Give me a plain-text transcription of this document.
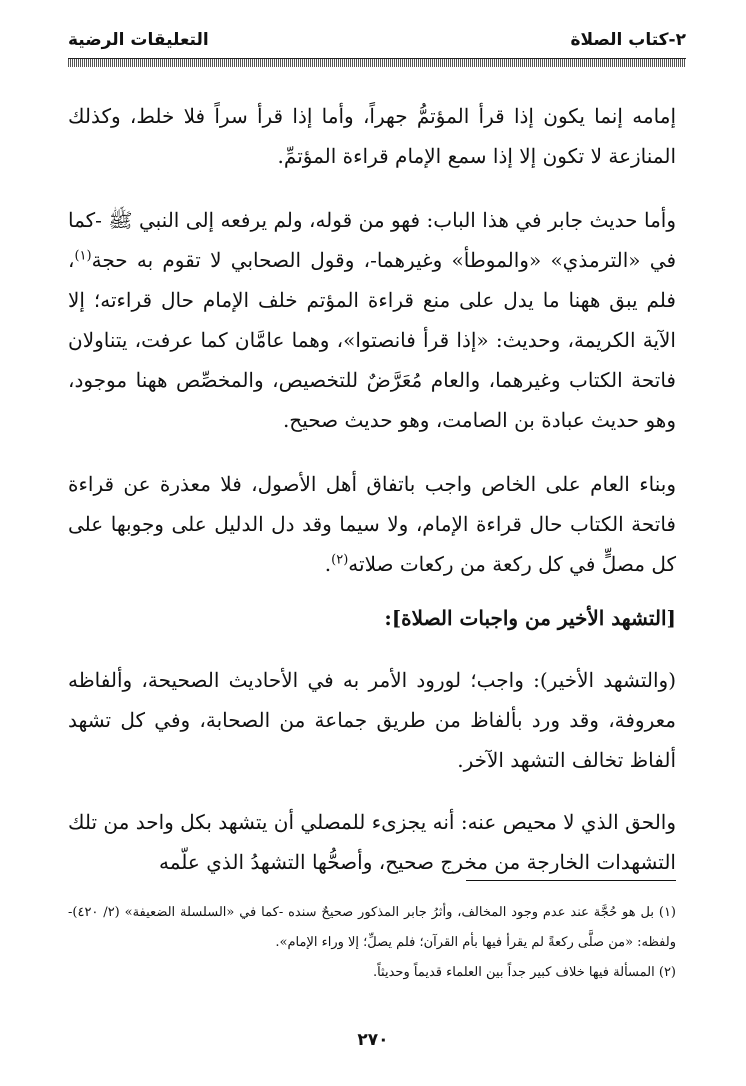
٢-كتاب الصلاة
التعليقات الرضية

إمامه إنما يكون إذا قرأ المؤتمُّ جهراً، وأما إذا قرأ سراً فلا خلط، وكذلك المنازعة لا تكون إلا إذا سمع الإمام قراءة المؤتمِّ.

وأما حديث جابر في هذا الباب: فهو من قوله، ولم يرفعه إلى النبي ﷺ -كما في «الترمذي» «والموطأ» وغيرهما-، وقول الصحابي لا تقوم به حجة$^{(١)}$، فلم يبق ههنا ما يدل على منع قراءة المؤتم خلف الإمام حال قراءته؛ إلا الآية الكريمة، وحديث: «إذا قرأ فانصتوا»، وهما عامَّان كما عرفت، يتناولان فاتحة الكتاب وغيرهما، والعام مُعَرَّضٌ للتخصيص، والمخصِّص ههنا موجود، وهو حديث عبادة بن الصامت، وهو حديث صحيح.

وبناء العام على الخاص واجب باتفاق أهل الأصول، فلا معذرة عن قراءة فاتحة الكتاب حال قراءة الإمام، ولا سيما وقد دل الدليل على وجوبها على كل مصلٍّ في كل ركعة من ركعات صلاته$^{(٢)}$.

[التشهد الأخير من واجبات الصلاة]:

(والتشهد الأخير): واجب؛ لورود الأمر به في الأحاديث الصحيحة، وألفاظه معروفة، وقد ورد بألفاظ من طريق جماعة من الصحابة، وفي كل تشهد ألفاظ تخالف التشهد الآخر.

والحق الذي لا محيص عنه: أنه يجزىء للمصلي أن يتشهد بكل واحد من تلك التشهدات الخارجة من مخرج صحيح، وأصحُّها التشهدُ الذي علّمه

(١) بل هو حُجَّة عند عدم وجود المخالف، وأثرُ جابر المذكور صحيحٌ سنده -كما في «السلسلة الضعيفة» (٢/ ٤٢٠)- ولفظه: «من صلَّى ركعةً لم يقرأ فيها بأم القرآن؛ فلم يصلِّ؛ إلا وراء الإمام».

(٢) المسألة فيها خلاف كبير جداً بين العلماء قديماً وحديثاً.

٢٧٠
